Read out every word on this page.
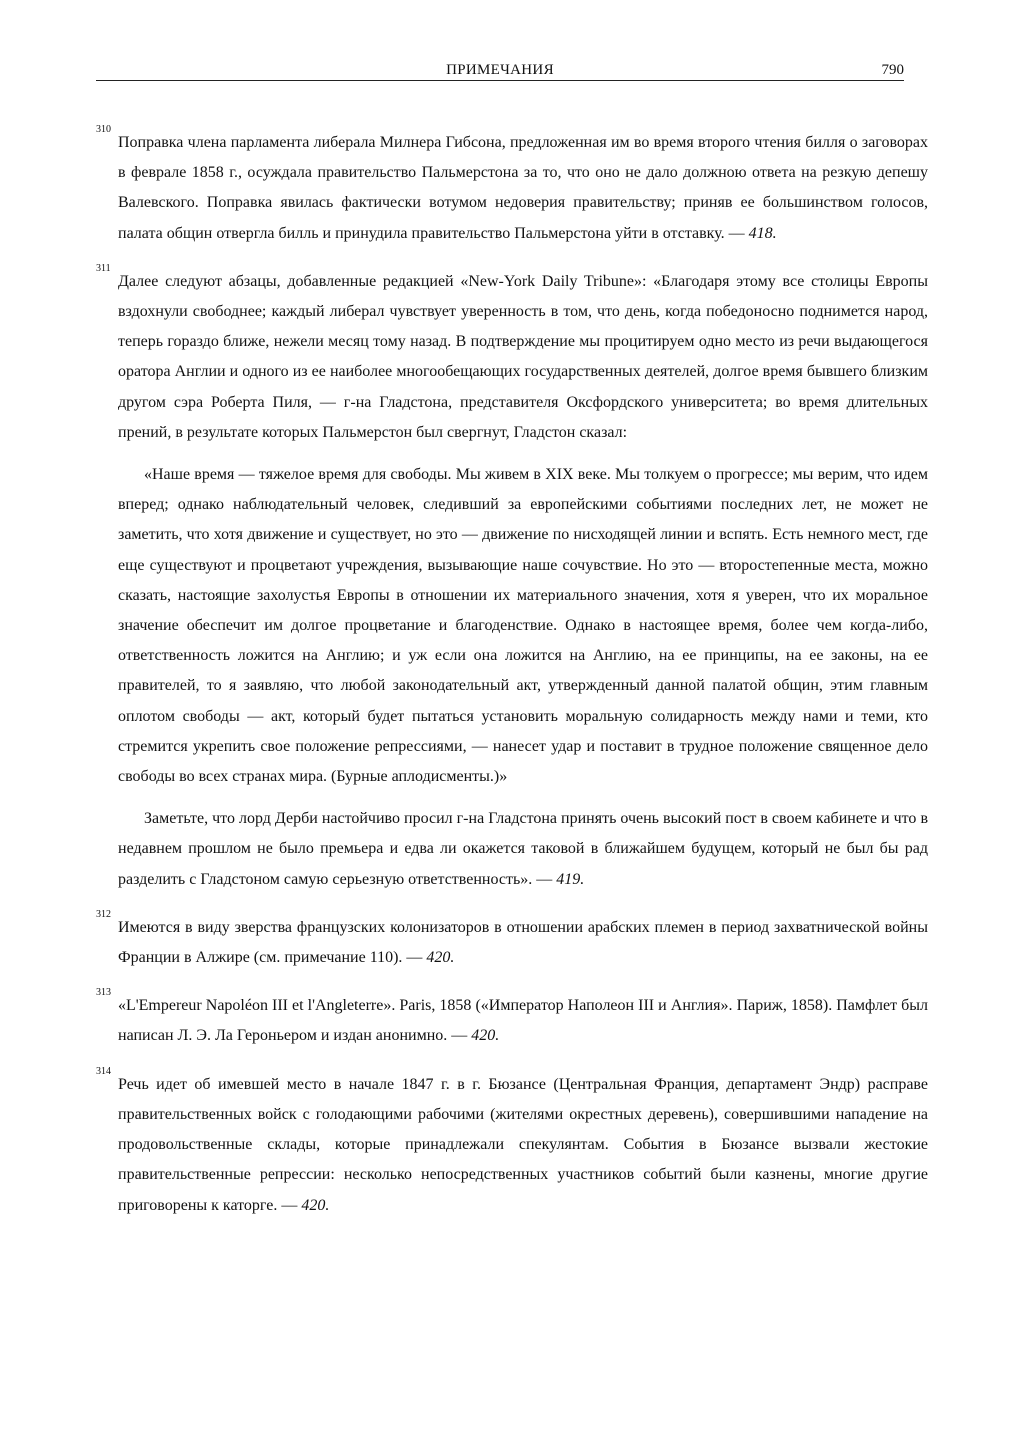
ПРИМЕЧАНИЯ	790
310

Поправка члена парламента либерала Милнера Гибсона, предложенная им во время второго чтения билля о заговорах в феврале 1858 г., осуждала правительство Пальмерстона за то, что оно не дало должною ответа на резкую депешу Валевского. Поправка явилась фактически вотумом недоверия правительству; приняв ее большинством голосов, палата общин отвергла билль и принудила правительство Пальмерстона уйти в отставку. — 418.

311

Далее следуют абзацы, добавленные редакцией «New-York Daily Tribune»: «Благодаря этому все столицы Европы вздохнули свободнее; каждый либерал чувствует уверенность в том, что день, когда победоносно поднимется народ, теперь гораздо ближе, нежели месяц тому назад. В подтверждение мы процитируем одно место из речи выдающегося оратора Англии и одного из ее наиболее многообещающих государственных деятелей, долгое время бывшего близким другом сэра Роберта Пиля, — г-на Гладстона, представителя Оксфордского университета; во время длительных прений, в результате которых Пальмерстон был свергнут, Гладстон сказал:

«Наше время — тяжелое время для свободы. Мы живем в XIX веке. Мы толкуем о прогрессе; мы верим, что идем вперед; однако наблюдательный человек, следивший за европейскими событиями последних лет, не может не заметить, что хотя движение и существует, но это — движение по нисходящей линии и вспять. Есть немного мест, где еще существуют и процветают учреждения, вызывающие наше сочувствие. Но это — второстепенные места, можно сказать, настоящие захолустья Европы в отношении их материального значения, хотя я уверен, что их моральное значение обеспечит им долгое процветание и благоденствие. Однако в настоящее время, более чем когда-либо, ответственность ложится на Англию; и уж если она ложится на Англию, на ее принципы, на ее законы, на ее правителей, то я заявляю, что любой законодательный акт, утвержденный данной палатой общин, этим главным оплотом свободы — акт, который будет пытаться установить моральную солидарность между нами и теми, кто стремится укрепить свое положение репрессиями, — нанесет удар и поставит в трудное положение священное дело свободы во всех странах мира. (Бурные аплодисменты.)»

Заметьте, что лорд Дерби настойчиво просил г-на Гладстона принять очень высокий пост в своем кабинете и что в недавнем прошлом не было премьера и едва ли окажется таковой в ближайшем будущем, который не был бы рад разделить с Гладстоном самую серьезную ответственность». — 419.

312

Имеются в виду зверства французских колонизаторов в отношении арабских племен в период захватнической войны Франции в Алжире (см. примечание 110). — 420.

313

«L'Empereur Napoléon III et l'Angleterre». Paris, 1858 («Император Наполеон III и Англия». Париж, 1858). Памфлет был написан Л. Э. Ла Героньером и издан анонимно. — 420.

314

Речь идет об имевшей место в начале 1847 г. в г. Бюзансе (Центральная Франция, департамент Эндр) расправе правительственных войск с голодающими рабочими (жителями окрестных деревень), совершившими нападение на продовольственные склады, которые принадлежали спекулянтам. События в Бюзансе вызвали жестокие правительственные репрессии: несколько непосредственных участников событий были казнены, многие другие приговорены к каторге. — 420.
